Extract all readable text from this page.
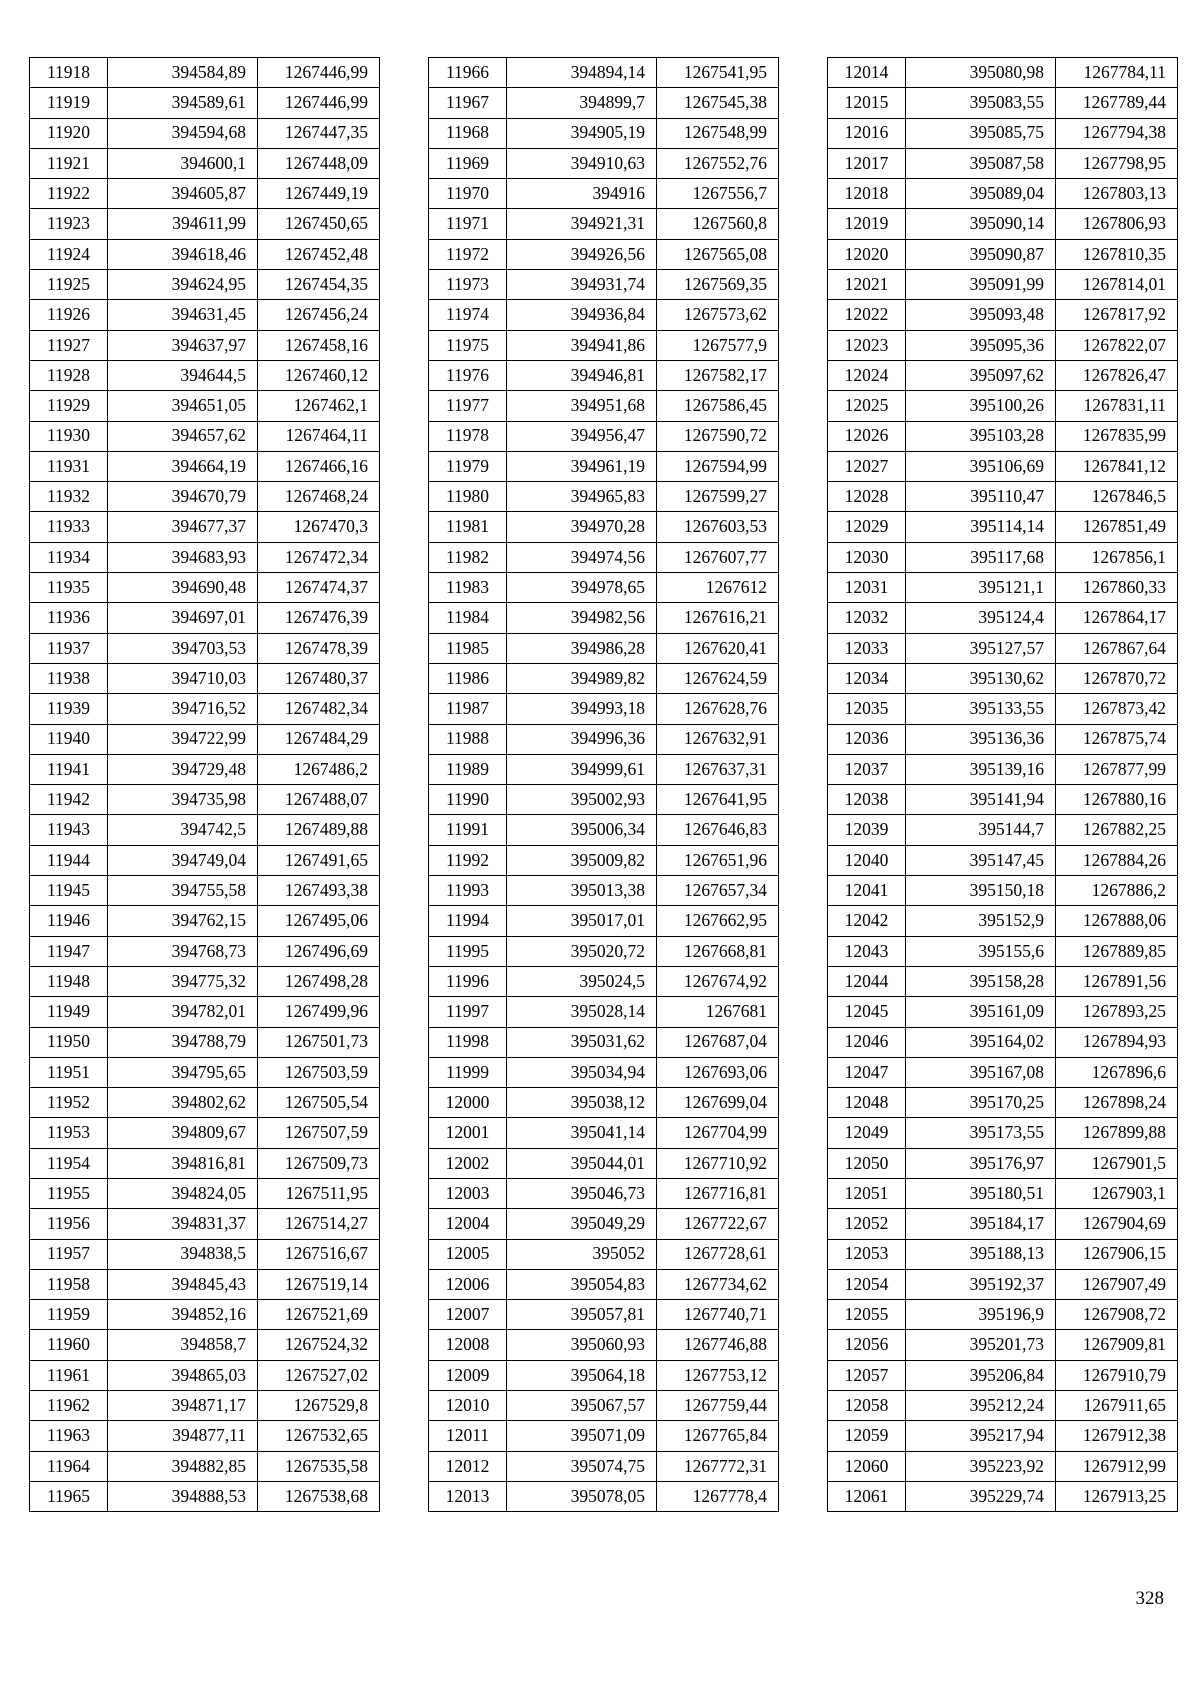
11918	394584,89	1267446,99
11919	394589,61	1267446,99
11920	394594,68	1267447,35
11921	394600,1	1267448,09
11922	394605,87	1267449,19
11923	394611,99	1267450,65
11924	394618,46	1267452,48
11925	394624,95	1267454,35
11926	394631,45	1267456,24
11927	394637,97	1267458,16
11928	394644,5	1267460,12
11929	394651,05	1267462,1
11930	394657,62	1267464,11
11931	394664,19	1267466,16
11932	394670,79	1267468,24
11933	394677,37	1267470,3
11934	394683,93	1267472,34
11935	394690,48	1267474,37
11936	394697,01	1267476,39
11937	394703,53	1267478,39
11938	394710,03	1267480,37
11939	394716,52	1267482,34
11940	394722,99	1267484,29
11941	394729,48	1267486,2
11942	394735,98	1267488,07
11943	394742,5	1267489,88
11944	394749,04	1267491,65
11945	394755,58	1267493,38
11946	394762,15	1267495,06
11947	394768,73	1267496,69
11948	394775,32	1267498,28
11949	394782,01	1267499,96
11950	394788,79	1267501,73
11951	394795,65	1267503,59
11952	394802,62	1267505,54
11953	394809,67	1267507,59
11954	394816,81	1267509,73
11955	394824,05	1267511,95
11956	394831,37	1267514,27
11957	394838,5	1267516,67
11958	394845,43	1267519,14
11959	394852,16	1267521,69
11960	394858,7	1267524,32
11961	394865,03	1267527,02
11962	394871,17	1267529,8
11963	394877,11	1267532,65
11964	394882,85	1267535,58
11965	394888,53	1267538,68
11966	394894,14	1267541,95
11967	394899,7	1267545,38
11968	394905,19	1267548,99
11969	394910,63	1267552,76
11970	394916	1267556,7
11971	394921,31	1267560,8
11972	394926,56	1267565,08
11973	394931,74	1267569,35
11974	394936,84	1267573,62
11975	394941,86	1267577,9
11976	394946,81	1267582,17
11977	394951,68	1267586,45
11978	394956,47	1267590,72
11979	394961,19	1267594,99
11980	394965,83	1267599,27
11981	394970,28	1267603,53
11982	394974,56	1267607,77
11983	394978,65	1267612
11984	394982,56	1267616,21
11985	394986,28	1267620,41
11986	394989,82	1267624,59
11987	394993,18	1267628,76
11988	394996,36	1267632,91
11989	394999,61	1267637,31
11990	395002,93	1267641,95
11991	395006,34	1267646,83
11992	395009,82	1267651,96
11993	395013,38	1267657,34
11994	395017,01	1267662,95
11995	395020,72	1267668,81
11996	395024,5	1267674,92
11997	395028,14	1267681
11998	395031,62	1267687,04
11999	395034,94	1267693,06
12000	395038,12	1267699,04
12001	395041,14	1267704,99
12002	395044,01	1267710,92
12003	395046,73	1267716,81
12004	395049,29	1267722,67
12005	395052	1267728,61
12006	395054,83	1267734,62
12007	395057,81	1267740,71
12008	395060,93	1267746,88
12009	395064,18	1267753,12
12010	395067,57	1267759,44
12011	395071,09	1267765,84
12012	395074,75	1267772,31
12013	395078,05	1267778,4
12014	395080,98	1267784,11
12015	395083,55	1267789,44
12016	395085,75	1267794,38
12017	395087,58	1267798,95
12018	395089,04	1267803,13
12019	395090,14	1267806,93
12020	395090,87	1267810,35
12021	395091,99	1267814,01
12022	395093,48	1267817,92
12023	395095,36	1267822,07
12024	395097,62	1267826,47
12025	395100,26	1267831,11
12026	395103,28	1267835,99
12027	395106,69	1267841,12
12028	395110,47	1267846,5
12029	395114,14	1267851,49
12030	395117,68	1267856,1
12031	395121,1	1267860,33
12032	395124,4	1267864,17
12033	395127,57	1267867,64
12034	395130,62	1267870,72
12035	395133,55	1267873,42
12036	395136,36	1267875,74
12037	395139,16	1267877,99
12038	395141,94	1267880,16
12039	395144,7	1267882,25
12040	395147,45	1267884,26
12041	395150,18	1267886,2
12042	395152,9	1267888,06
12043	395155,6	1267889,85
12044	395158,28	1267891,56
12045	395161,09	1267893,25
12046	395164,02	1267894,93
12047	395167,08	1267896,6
12048	395170,25	1267898,24
12049	395173,55	1267899,88
12050	395176,97	1267901,5
12051	395180,51	1267903,1
12052	395184,17	1267904,69
12053	395188,13	1267906,15
12054	395192,37	1267907,49
12055	395196,9	1267908,72
12056	395201,73	1267909,81
12057	395206,84	1267910,79
12058	395212,24	1267911,65
12059	395217,94	1267912,38
12060	395223,92	1267912,99
12061	395229,74	1267913,25
328
